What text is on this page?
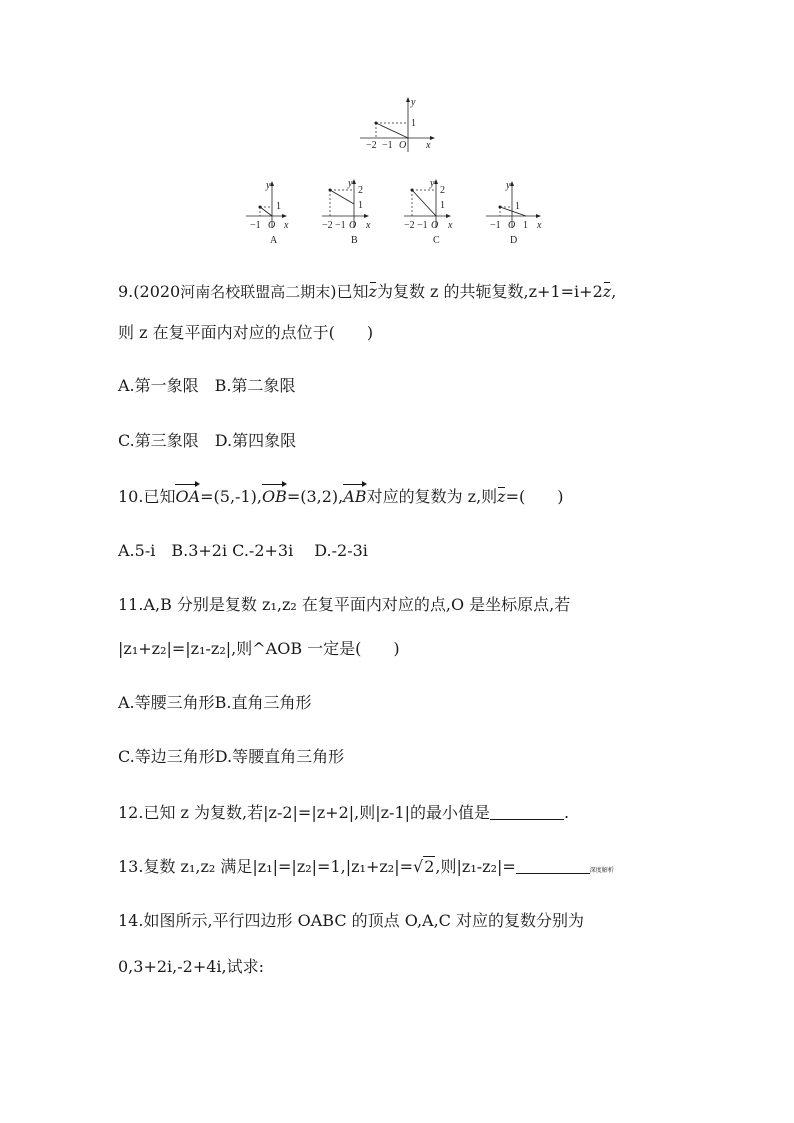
y
x
−2 −1 O
1
y
x
−1 O
1
A
y
x
−2 −1 O
2
1
B
y
x
−2 −1 O
2
1
C
y
x
−1 O 1
1
D
9.(2020河南名校联盟高二期末)已知z为复数 z 的共轭复数,z+1=i+2z,
则 z 在复平面内对应的点位于(　　)
A.第一象限　B.第二象限
C.第三象限　D.第四象限
10.已知OA=(5,-1),OB=(3,2),AB对应的复数为 z,则z=(　　)
A.5-i　B.3+2i C.-2+3i　 D.-2-3i
11.A,B 分别是复数 z₁,z₂ 在复平面内对应的点,O 是坐标原点,若
|z₁+z₂|=|z₁-z₂|,则^AOB 一定是(　　)
A.等腰三角形B.直角三角形
C.等边三角形D.等腰直角三角形
12.已知 z 为复数,若|z-2|=|z+2|,则|z-1|的最小值是	.
13.复数 z₁,z₂ 满足|z₁|=|z₂|=1,|z₁+z₂|=√2,则|z₁-z₂|=	深度解析
14.如图所示,平行四边形 OABC 的顶点 O,A,C 对应的复数分别为
0,3+2i,-2+4i,试求:
